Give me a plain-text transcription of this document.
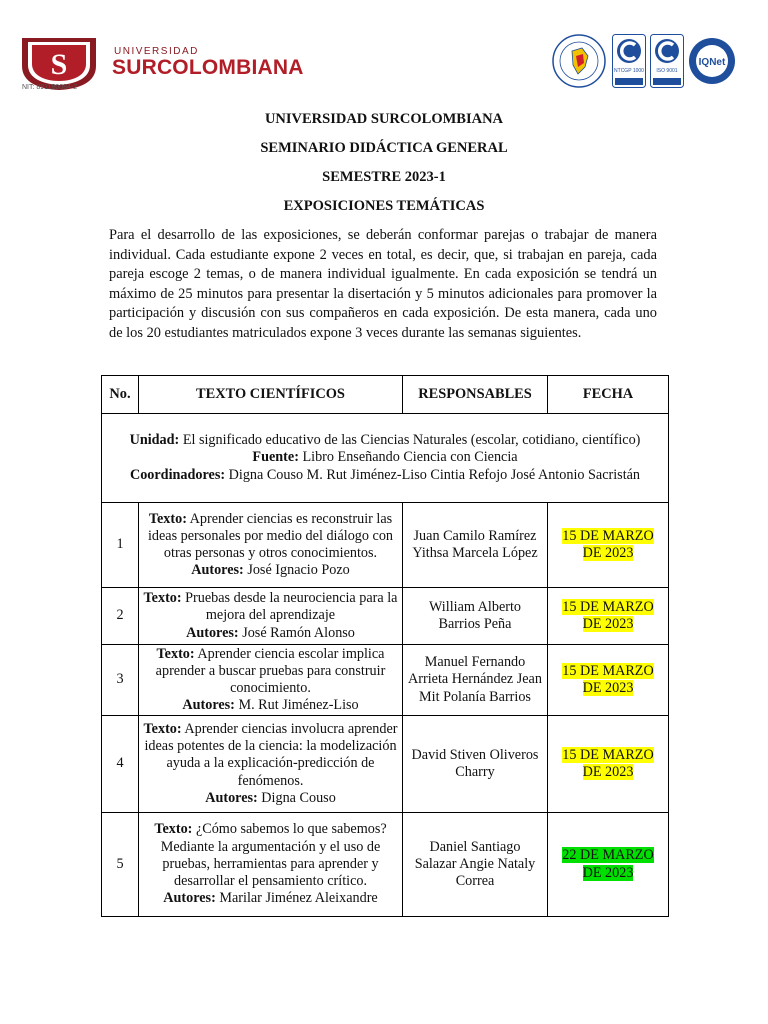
S	UNIVERSIDAD
SURCOLOMBIANA
NIT: 891180084-2
NTCGP 1000 ISO 9001
IQNet
UNIVERSIDAD SURCOLOMBIANA
SEMINARIO DIDÁCTICA GENERAL
SEMESTRE 2023-1
EXPOSICIONES TEMÁTICAS

Para el desarrollo de las exposiciones, se deberán conformar parejas o trabajar de manera individual. Cada estudiante expone 2 veces en total, es decir, que, si trabajan en pareja, cada pareja escoge 2 temas, o de manera individual igualmente. En cada exposición se tendrá un máximo de 25 minutos para presentar la disertación y 5 minutos adicionales para promover la participación y discusión con sus compañeros en cada exposición. De esta manera, cada uno de los 20 estudiantes matriculados expone 3 veces durante las semanas siguientes.

No.	TEXTO CIENTÍFICOS	RESPONSABLES	FECHA

Unidad: El significado educativo de las Ciencias Naturales (escolar, cotidiano, científico)
Fuente: Libro Enseñando Ciencia con Ciencia
Coordinadores: Digna Couso M. Rut Jiménez-Liso Cintia Refojo José Antonio Sacristán			

1	Texto: Aprender ciencias es reconstruir las ideas personales por medio del diálogo con otras personas y otros conocimientos.
Autores: José Ignacio Pozo	Juan Camilo Ramírez Yithsa Marcela López	15 DE MARZO DE 2023
2	Texto: Pruebas desde la neurociencia para la mejora del aprendizaje
Autores: José Ramón Alonso	William Alberto Barrios Peña	15 DE MARZO DE 2023
3	Texto: Aprender ciencia escolar implica aprender a buscar pruebas para construir conocimiento.
Autores: M. Rut Jiménez-Liso	Manuel Fernando Arrieta Hernández Jean Mit Polanía Barrios	15 DE MARZO DE 2023
4	Texto: Aprender ciencias involucra aprender ideas potentes de la ciencia: la modelización ayuda a la explicación-predicción de fenómenos.
Autores: Digna Couso	David Stiven Oliveros Charry	15 DE MARZO DE 2023
5	Texto: ¿Cómo sabemos lo que sabemos? Mediante la argumentación y el uso de pruebas, herramientas para aprender y desarrollar el pensamiento crítico.
Autores: Marilar Jiménez Aleixandre	Daniel Santiago Salazar Angie Nataly Correa	22 DE MARZO DE 2023
